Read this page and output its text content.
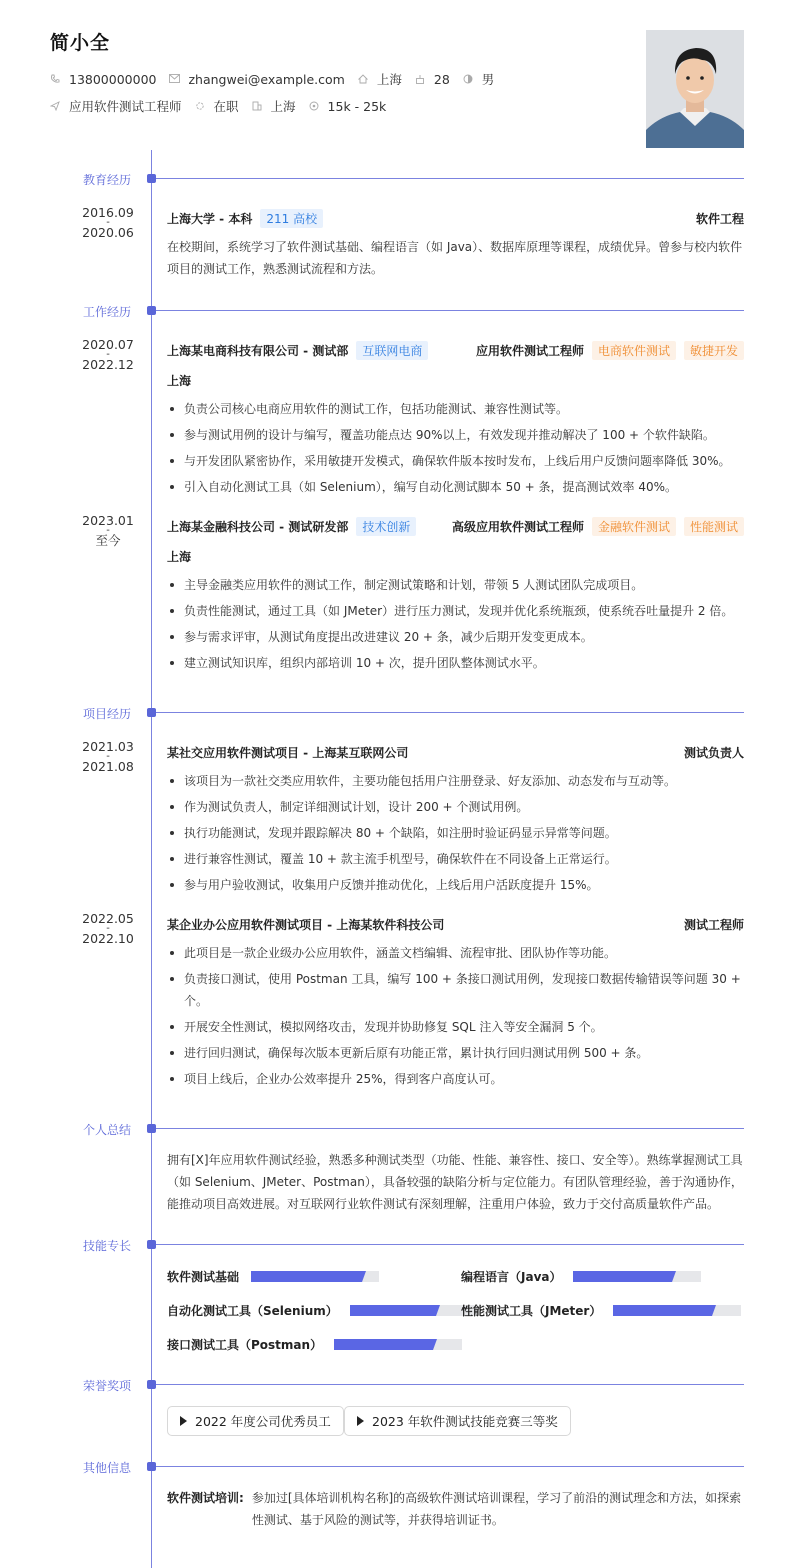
简小全
13800000000	zhangwei@example.com	上海	28	男
应用软件测试工程师	在职	上海	15k - 25k
教育经历
2016.09
-
2020.06
上海大学 - 本科	211 高校	软件工程
在校期间，系统学习了软件测试基础、编程语言（如 Java）、数据库原理等课程，成绩优异。曾参与校内软件项目的测试工作，熟悉测试流程和方法。
工作经历
2020.07
-
2022.12
上海某电商科技有限公司 - 测试部	互联网电商	应用软件测试工程师	电商软件测试	敏捷开发
上海
负责公司核心电商应用软件的测试工作，包括功能测试、兼容性测试等。
参与测试用例的设计与编写，覆盖功能点达 90%以上，有效发现并推动解决了 100 + 个软件缺陷。
与开发团队紧密协作，采用敏捷开发模式，确保软件版本按时发布，上线后用户反馈问题率降低 30%。
引入自动化测试工具（如 Selenium），编写自动化测试脚本 50 + 条，提高测试效率 40%。
2023.01
-
至今
上海某金融科技公司 - 测试研发部	技术创新	高级应用软件测试工程师	金融软件测试	性能测试
上海
主导金融类应用软件的测试工作，制定测试策略和计划，带领 5 人测试团队完成项目。
负责性能测试，通过工具（如 JMeter）进行压力测试，发现并优化系统瓶颈，使系统吞吐量提升 2 倍。
参与需求评审，从测试角度提出改进建议 20 + 条，减少后期开发变更成本。
建立测试知识库，组织内部培训 10 + 次，提升团队整体测试水平。
项目经历
2021.03
-
2021.08
某社交应用软件测试项目 - 上海某互联网公司	测试负责人
该项目为一款社交类应用软件，主要功能包括用户注册登录、好友添加、动态发布与互动等。
作为测试负责人，制定详细测试计划，设计 200 + 个测试用例。
执行功能测试，发现并跟踪解决 80 + 个缺陷，如注册时验证码显示异常等问题。
进行兼容性测试，覆盖 10 + 款主流手机型号，确保软件在不同设备上正常运行。
参与用户验收测试，收集用户反馈并推动优化，上线后用户活跃度提升 15%。
2022.05
-
2022.10
某企业办公应用软件测试项目 - 上海某软件科技公司	测试工程师
此项目是一款企业级办公应用软件，涵盖文档编辑、流程审批、团队协作等功能。
负责接口测试，使用 Postman 工具，编写 100 + 条接口测试用例，发现接口数据传输错误等问题 30 + 个。
开展安全性测试，模拟网络攻击，发现并协助修复 SQL 注入等安全漏洞 5 个。
进行回归测试，确保每次版本更新后原有功能正常，累计执行回归测试用例 500 + 条。
项目上线后，企业办公效率提升 25%，得到客户高度认可。
个人总结
拥有[X]年应用软件测试经验，熟悉多种测试类型（功能、性能、兼容性、接口、安全等）。熟练掌握测试工具（如 Selenium、JMeter、Postman），具备较强的缺陷分析与定位能力。有团队管理经验，善于沟通协作，能推动项目高效进展。对互联网行业软件测试有深刻理解，注重用户体验，致力于交付高质量软件产品。
技能专长
软件测试基础	编程语言（Java）
自动化测试工具（Selenium）	性能测试工具（JMeter）
接口测试工具（Postman）
荣誉奖项
2022 年度公司优秀员工	2023 年软件测试技能竞赛三等奖
其他信息
软件测试培训: 参加过[具体培训机构名称]的高级软件测试培训课程，学习了前沿的测试理念和方法，如探索性测试、基于风险的测试等，并获得培训证书。
